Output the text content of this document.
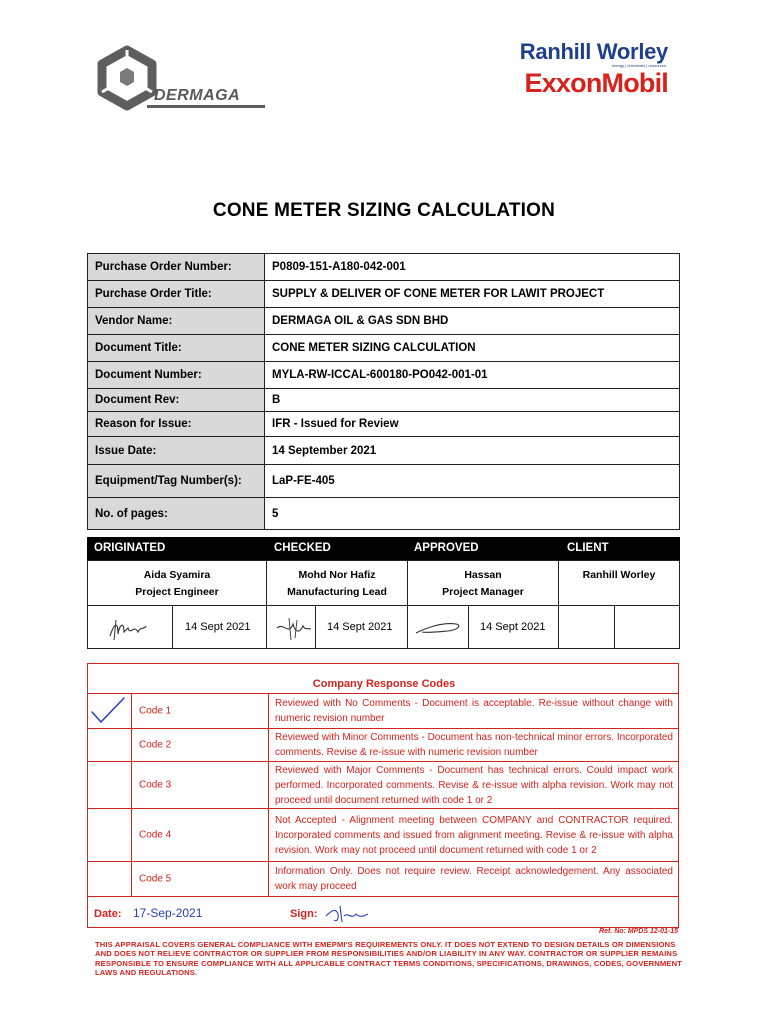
DERMAGA
Ranhill Worley
energy | chemicals | resources
ExxonMobil
CONE METER SIZING CALCULATION
Purchase Order Number:	P0809-151-A180-042-001
Purchase Order Title:	SUPPLY & DELIVER OF CONE METER FOR LAWIT PROJECT
Vendor Name:	DERMAGA OIL & GAS SDN BHD
Document Title:	CONE METER SIZING CALCULATION
Document Number:	MYLA-RW-ICCAL-600180-PO042-001-01
Document Rev:	B
Reason for Issue:	IFR - Issued for Review
Issue Date:	14 September 2021
Equipment/Tag Number(s):	LaP-FE-405
No. of pages:	5
ORIGINATED	CHECKED	APPROVED	CLIENT
Aida Syamira
Project Engineer
Mohd Nor Hafiz
Manufacturing Lead
Hassan
Project Manager
Ranhill Worley
14 Sept 2021	14 Sept 2021	14 Sept 2021
Company Response Codes
Code 1
Reviewed with No Comments - Document is acceptable. Re-issue without change with numeric revision number
Code 2
Reviewed with Minor Comments - Document has non-technical minor errors. Incorporated comments. Revise & re-issue with numeric revision number
Code 3
Reviewed with Major Comments - Document has technical errors. Could impact work performed. Incorporated comments. Revise & re-issue with alpha revision. Work may not proceed until document returned with code 1 or 2
Code 4
Not Accepted - Alignment meeting between COMPANY and CONTRACTOR required. Incorporated comments and issued from alignment meeting. Revise & re-issue with alpha revision. Work may not proceed until document returned with code 1 or 2
Code 5
Information Only. Does not require review. Receipt acknowledgement. Any associated work may proceed
Date: 17-Sep-2021	Sign:
Ref. No: MPDS 12-01-15
THIS APPRAISAL COVERS GENERAL COMPLIANCE WITH EMEPMI'S REQUIREMENTS ONLY. IT DOES NOT EXTEND TO DESIGN DETAILS OR DIMENSIONS AND DOES NOT RELIEVE CONTRACTOR OR SUPPLIER FROM RESPONSIBILITIES AND/OR LIABILITY IN ANY WAY. CONTRACTOR OR SUPPLIER REMAINS RESPONSIBLE TO ENSURE COMPLIANCE WITH ALL APPLICABLE CONTRACT TERMS CONDITIONS, SPECIFICATIONS, DRAWINGS, CODES, GOVERNMENT LAWS AND REGULATIONS.
